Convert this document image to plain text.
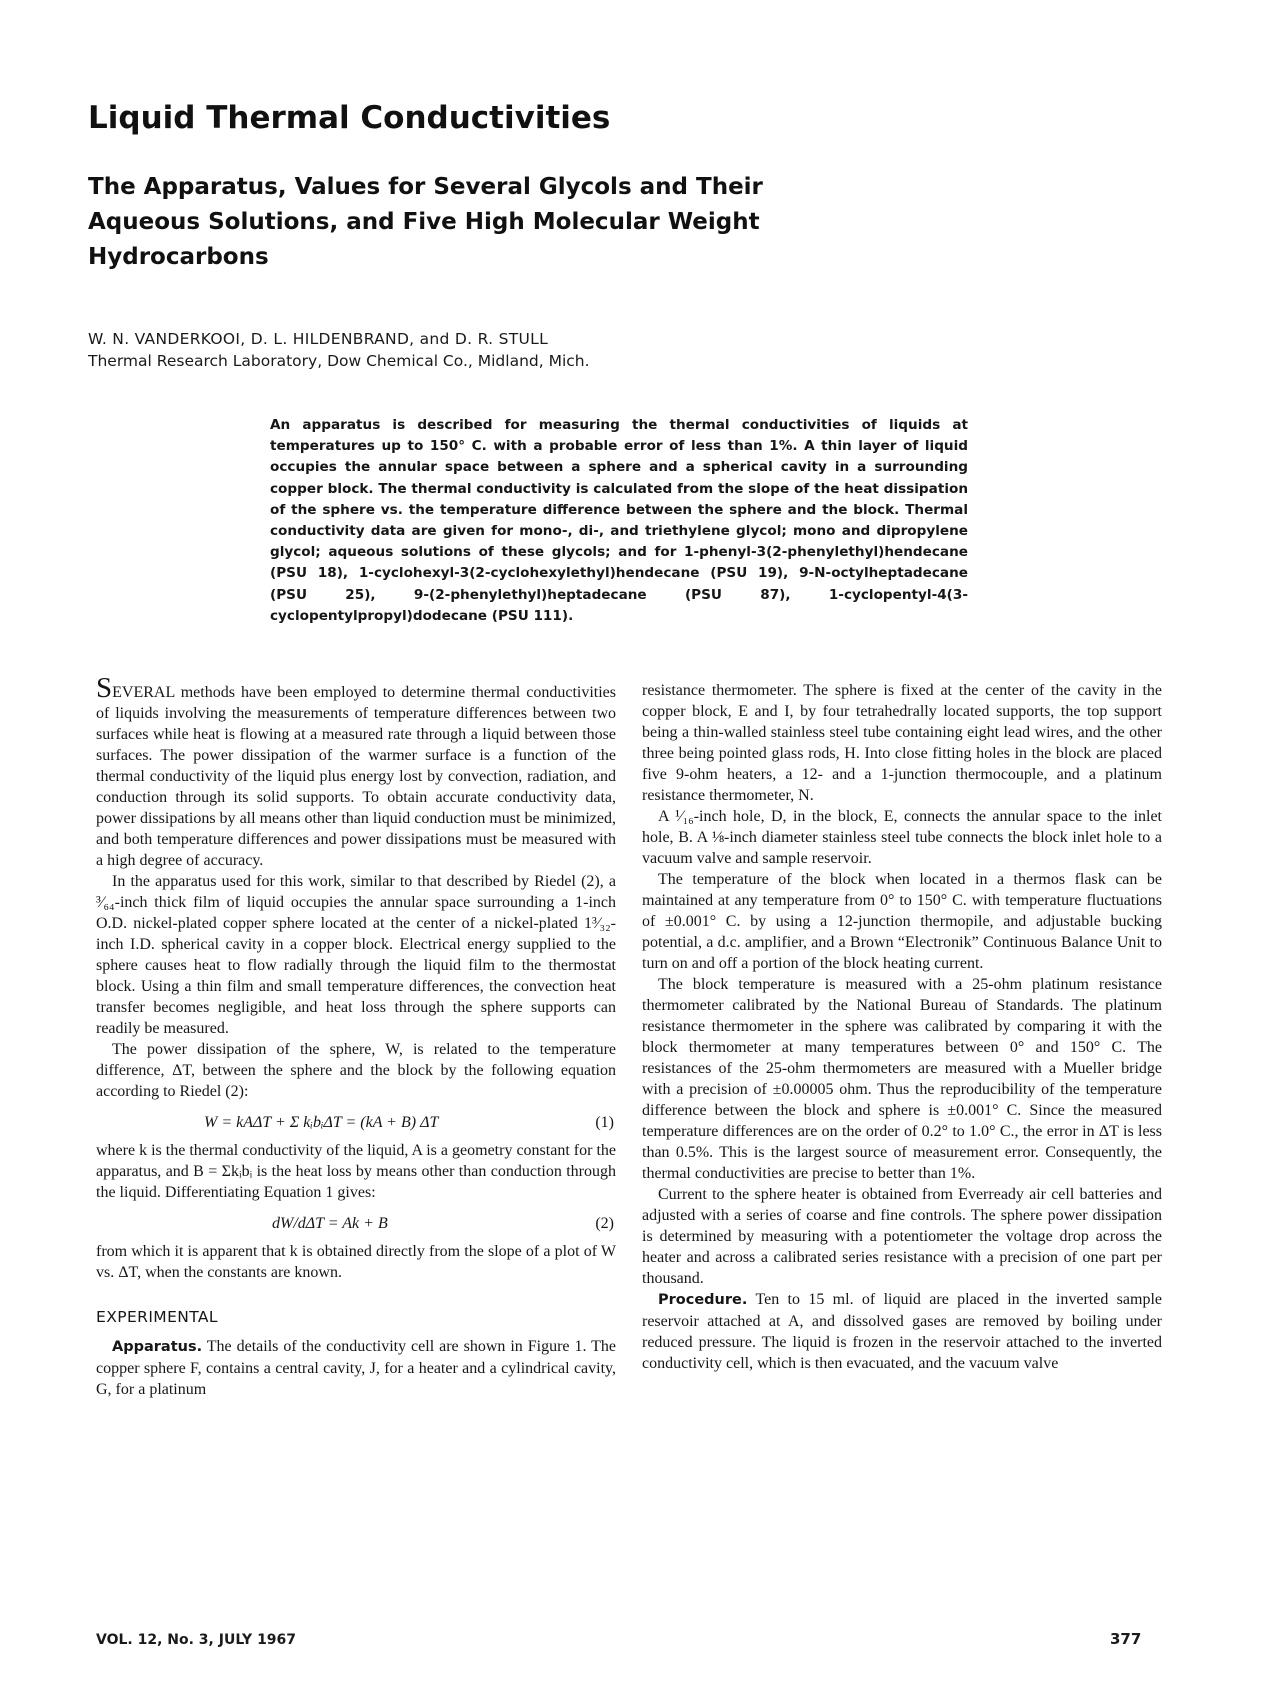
Liquid Thermal Conductivities
The Apparatus, Values for Several Glycols and Their Aqueous Solutions, and Five High Molecular Weight Hydrocarbons
W. N. VANDERKOOI, D. L. HILDENBRAND, and D. R. STULL
Thermal Research Laboratory, Dow Chemical Co., Midland, Mich.
An apparatus is described for measuring the thermal conductivities of liquids at temperatures up to 150° C. with a probable error of less than 1%. A thin layer of liquid occupies the annular space between a sphere and a spherical cavity in a surrounding copper block. The thermal conductivity is calculated from the slope of the heat dissipation of the sphere vs. the temperature difference between the sphere and the block. Thermal conductivity data are given for mono-, di-, and triethylene glycol; mono and dipropylene glycol; aqueous solutions of these glycols; and for 1-phenyl-3(2-phenylethyl)hendecane (PSU 18), 1-cyclohexyl-3(2-cyclohexylethyl)hendecane (PSU 19), 9-N-octylheptadecane (PSU 25), 9-(2-phenylethyl)heptadecane (PSU 87), 1-cyclopentyl-4(3-cyclopentylpropyl)dodecane (PSU 111).

SEVERAL methods have been employed to determine thermal conductivities of liquids involving the measurements of temperature differences between two surfaces while heat is flowing at a measured rate through a liquid between those surfaces. The power dissipation of the warmer surface is a function of the thermal conductivity of the liquid plus energy lost by convection, radiation, and conduction through its solid supports. To obtain accurate conductivity data, power dissipations by all means other than liquid conduction must be minimized, and both temperature differences and power dissipations must be measured with a high degree of accuracy.

In the apparatus used for this work, similar to that described by Riedel (2), a ³⁄₆₄-inch thick film of liquid occupies the annular space surrounding a 1-inch O.D. nickel-plated copper sphere located at the center of a nickel-plated 1³⁄₃₂-inch I.D. spherical cavity in a copper block. Electrical energy supplied to the sphere causes heat to flow radially through the liquid film to the thermostat block. Using a thin film and small temperature differences, the convection heat transfer becomes negligible, and heat loss through the sphere supports can readily be measured.

The power dissipation of the sphere, W, is related to the temperature difference, ΔT, between the sphere and the block by the following equation according to Riedel (2):

W = kAΔT + Σ kᵢbᵢΔT = (kA + B) ΔT	(1)

where k is the thermal conductivity of the liquid, A is a geometry constant for the apparatus, and B = Σkᵢbᵢ is the heat loss by means other than conduction through the liquid. Differentiating Equation 1 gives:

dW/dΔT = Ak + B	(2)

from which it is apparent that k is obtained directly from the slope of a plot of W vs. ΔT, when the constants are known.

EXPERIMENTAL

Apparatus. The details of the conductivity cell are shown in Figure 1. The copper sphere F, contains a central cavity, J, for a heater and a cylindrical cavity, G, for a platinum

resistance thermometer. The sphere is fixed at the center of the cavity in the copper block, E and I, by four tetrahedrally located supports, the top support being a thin-walled stainless steel tube containing eight lead wires, and the other three being pointed glass rods, H. Into close fitting holes in the block are placed five 9-ohm heaters, a 12- and a 1-junction thermocouple, and a platinum resistance thermometer, N.

A ¹⁄₁₆-inch hole, D, in the block, E, connects the annular space to the inlet hole, B. A ⅛-inch diameter stainless steel tube connects the block inlet hole to a vacuum valve and sample reservoir.

The temperature of the block when located in a thermos flask can be maintained at any temperature from 0° to 150° C. with temperature fluctuations of ±0.001° C. by using a 12-junction thermopile, and adjustable bucking potential, a d.c. amplifier, and a Brown “Electronik” Continuous Balance Unit to turn on and off a portion of the block heating current.

The block temperature is measured with a 25-ohm platinum resistance thermometer calibrated by the National Bureau of Standards. The platinum resistance thermometer in the sphere was calibrated by comparing it with the block thermometer at many temperatures between 0° and 150° C. The resistances of the 25-ohm thermometers are measured with a Mueller bridge with a precision of ±0.00005 ohm. Thus the reproducibility of the temperature difference between the block and sphere is ±0.001° C. Since the measured temperature differences are on the order of 0.2° to 1.0° C., the error in ΔT is less than 0.5%. This is the largest source of measurement error. Consequently, the thermal conductivities are precise to better than 1%.

Current to the sphere heater is obtained from Everready air cell batteries and adjusted with a series of coarse and fine controls. The sphere power dissipation is determined by measuring with a potentiometer the voltage drop across the heater and across a calibrated series resistance with a precision of one part per thousand.

Procedure. Ten to 15 ml. of liquid are placed in the inverted sample reservoir attached at A, and dissolved gases are removed by boiling under reduced pressure. The liquid is frozen in the reservoir attached to the inverted conductivity cell, which is then evacuated, and the vacuum valve

VOL. 12, No. 3, JULY 1967	377
